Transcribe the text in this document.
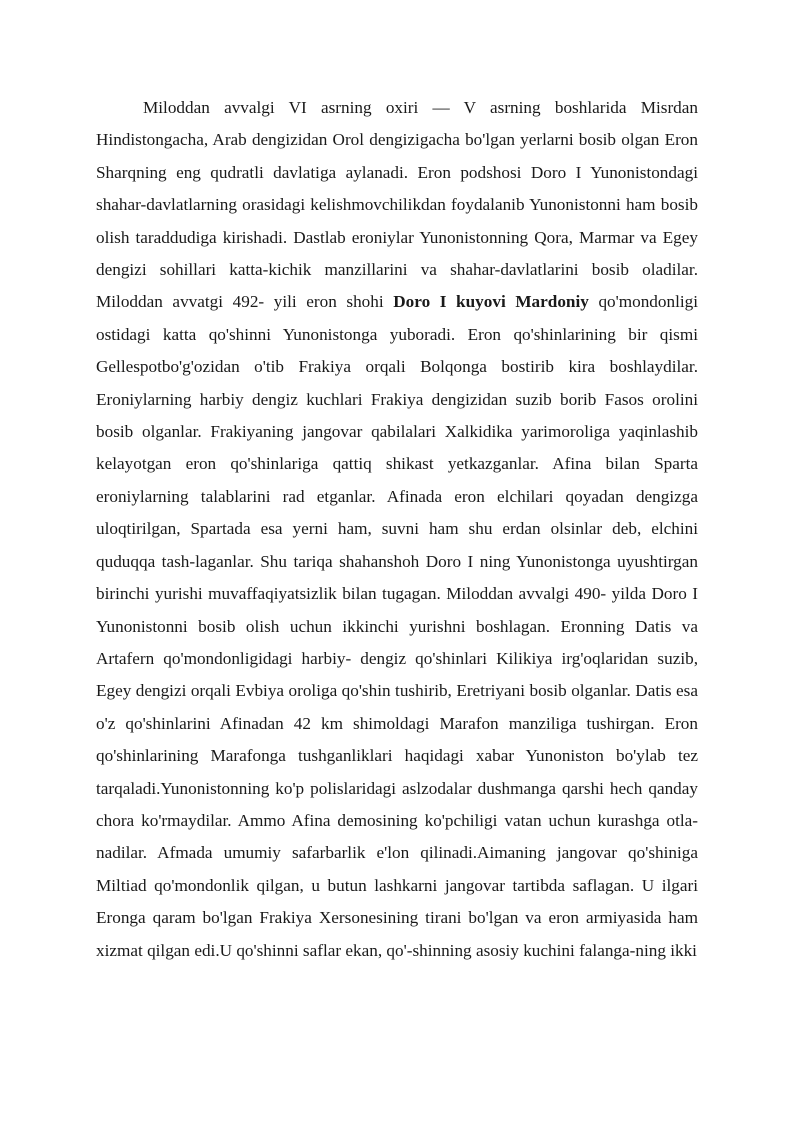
Miloddan avvalgi VI asrning oxiri — V asrning boshlarida Misrdan Hindistongacha, Arab dengizidan Orol dengizigacha bo'lgan yerlarni bosib olgan Eron Sharqning eng qudratli davlatiga aylanadi. Eron podshosi Doro I Yunonistondagi shahar-davlatlarning orasidagi kelishmovchilikdan foydalanib Yunonistonni ham bosib olish taraddudiga kirishadi. Dastlab eroniylar Yunonistonning Qora, Marmar va Egey dengizi sohillari katta-kichik manzillarini va shahar-davlatlarini bosib oladilar. Miloddan avvatgi 492- yili eron shohi Doro I kuyovi Mardoniy qo'mondonligi ostidagi katta qo'shinni Yunonistonga yuboradi. Eron qo'shinlarining bir qismi Gellespotbo'g'ozidan o'tib Frakiya orqali Bolqonga bostirib kira boshlaydilar. Eroniylarning harbiy dengiz kuchlari Frakiya dengizidan suzib borib Fasos orolini bosib olganlar. Frakiyaning jangovar qabilalari Xalkidika yarimoroliga yaqinlashib kelayotgan eron qo'shinlariga qattiq shikast yetkazganlar. Afina bilan Sparta eroniylarning talablarini rad etganlar. Afinada eron elchilari qoyadan dengizga uloqtirilgan, Spartada esa yerni ham, suvni ham shu erdan olsinlar deb, elchini quduqqa tash-laganlar. Shu tariqa shahanshoh Doro I ning Yunonistonga uyushtirgan birinchi yurishi muvaffaqiyatsizlik bilan tugagan. Miloddan avvalgi 490- yilda Doro I Yunonistonni bosib olish uchun ikkinchi yurishni boshlagan. Eronning Datis va Artafern qo'mondonligidagi harbiy- dengiz qo'shinlari Kilikiya irg'oqlaridan suzib, Egey dengizi orqali Evbiya oroliga qo'shin tushirib, Eretriyani bosib olganlar. Datis esa o'z qo'shinlarini Afinadan 42 km shimoldagi Marafon manziliga tushirgan. Eron qo'shinlarining Marafonga tushganliklari haqidagi xabar Yunoniston bo'ylab tez tarqaladi.Yunonistonning ko'p polislaridagi aslzodalar dushmanga qarshi hech qanday chora ko'rmaydilar. Ammo Afina demosining ko'pchiligi vatan uchun kurashga otla-nadilar. Afmada umumiy safarbarlik e'lon qilinadi.Aimaning jangovar qo'shiniga Miltiad qo'mondonlik qilgan, u butun lashkarni jangovar tartibda saflagan. U ilgari Eronga qaram bo'lgan Frakiya Xersonesining tirani bo'lgan va eron armiyasida ham xizmat qilgan edi.U qo'shinni saflar ekan, qo'-shinning asosiy kuchini falanga-ning ikki
